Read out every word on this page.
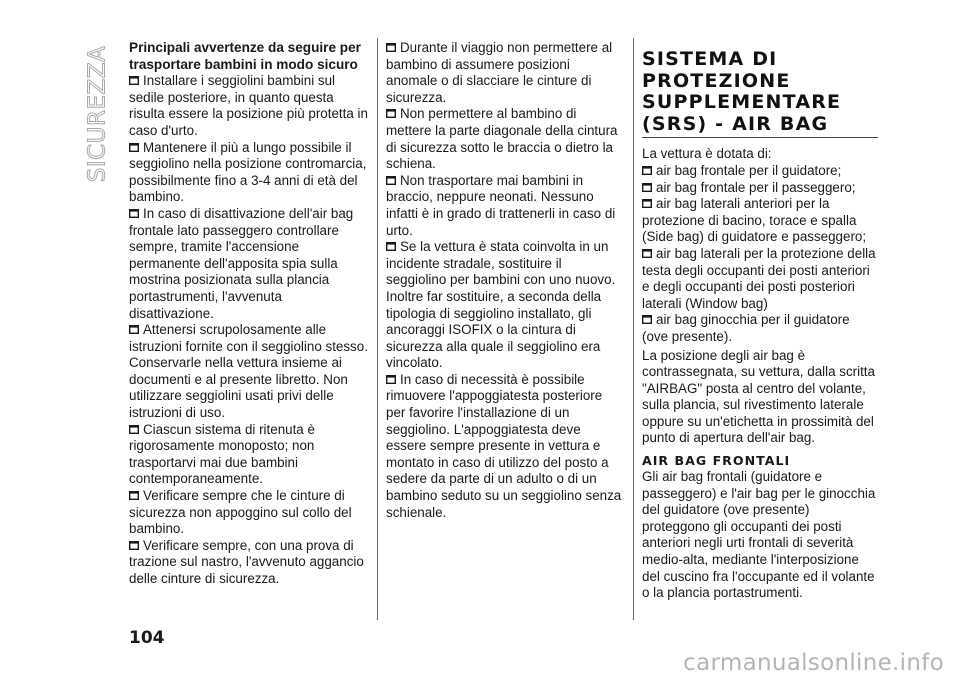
SICUREZZA Principali avvertenze da seguire per trasportare bambini in modo sicuro

Installare i seggiolini bambini sul sedile posteriore, in quanto questa risulta essere la posizione più protetta in caso d'urto.

Mantenere il più a lungo possibile il seggiolino nella posizione contromarcia, possibilmente fino a 3-4 anni di età del bambino.

In caso di disattivazione dell'air bag frontale lato passeggero controllare sempre, tramite l'accensione permanente dell'apposita spia sulla mostrina posizionata sulla plancia portastrumenti, l'avvenuta disattivazione.

Attenersi scrupolosamente alle istruzioni fornite con il seggiolino stesso. Conservarle nella vettura insieme ai documenti e al presente libretto. Non utilizzare seggiolini usati privi delle istruzioni di uso.

Ciascun sistema di ritenuta è rigorosamente monoposto; non trasportarvi mai due bambini contemporaneamente.

Verificare sempre che le cinture di sicurezza non appoggino sul collo del bambino.

Verificare sempre, con una prova di trazione sul nastro, l'avvenuto aggancio delle cinture di sicurezza.

Durante il viaggio non permettere al bambino di assumere posizioni anomale o di slacciare le cinture di sicurezza.

Non permettere al bambino di mettere la parte diagonale della cintura di sicurezza sotto le braccia o dietro la schiena.

Non trasportare mai bambini in braccio, neppure neonati. Nessuno infatti è in grado di trattenerli in caso di urto.

Se la vettura è stata coinvolta in un incidente stradale, sostituire il seggiolino per bambini con uno nuovo. Inoltre far sostituire, a seconda della tipologia di seggiolino installato, gli ancoraggi ISOFIX o la cintura di sicurezza alla quale il seggiolino era vincolato.

In caso di necessità è possibile rimuovere l'appoggiatesta posteriore per favorire l'installazione di un seggiolino. L'appoggiatesta deve essere sempre presente in vettura e montato in caso di utilizzo del posto a sedere da parte di un adulto o di un bambino seduto su un seggiolino senza schienale.

SISTEMA DI PROTEZIONE SUPPLEMENTARE (SRS) - AIR BAG

La vettura è dotata di:

air bag frontale per il guidatore;

air bag frontale per il passeggero;

air bag laterali anteriori per la protezione di bacino, torace e spalla (Side bag) di guidatore e passeggero;

air bag laterali per la protezione della testa degli occupanti dei posti anteriori e degli occupanti dei posti posteriori laterali (Window bag)

air bag ginocchia per il guidatore (ove presente).

La posizione degli air bag è contrassegnata, su vettura, dalla scritta "AIRBAG" posta al centro del volante, sulla plancia, sul rivestimento laterale oppure su un'etichetta in prossimità del punto di apertura dell'air bag.

AIR BAG FRONTALI

Gli air bag frontali (guidatore e passeggero) e l'air bag per le ginocchia del guidatore (ove presente) proteggono gli occupanti dei posti anteriori negli urti frontali di severità medio-alta, mediante l'interposizione del cuscino fra l'occupante ed il volante o la plancia portastrumenti.

104
carmanualsonline.info
